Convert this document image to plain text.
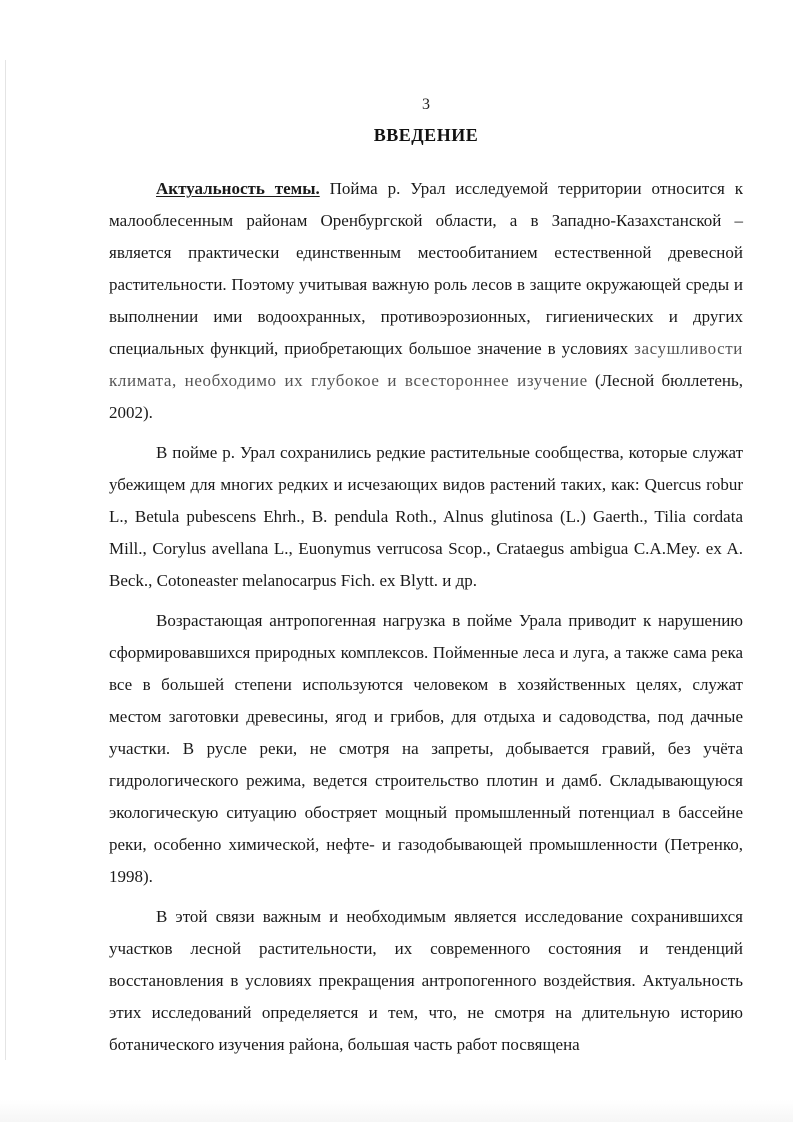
3
ВВЕДЕНИЕ

Актуальность темы. Пойма р. Урал исследуемой территории относится к малооблесенным районам Оренбургской области, а в Западно-Казахстанской – является практически единственным местообитанием естественной древесной растительности. Поэтому учитывая важную роль лесов в защите окружающей среды и выполнении ими водоохранных, противоэрозионных, гигиенических и других специальных функций, приобретающих большое значение в условиях засушливости климата, необходимо их глубокое и всестороннее изучение (Лесной бюллетень, 2002).

В пойме р. Урал сохранились редкие растительные сообщества, которые служат убежищем для многих редких и исчезающих видов растений таких, как: Quercus robur L., Betula pubescens Ehrh., B. pendula Roth., Alnus glutinosa (L.) Gaerth., Tilia cordata Mill., Corylus avellana L., Euonymus verrucosa Scop., Crataegus ambigua C.A.Mey. ex A. Beck., Cotoneaster melanocarpus Fich. ex Blytt. и др.

Возрастающая антропогенная нагрузка в пойме Урала приводит к нарушению сформировавшихся природных комплексов. Пойменные леса и луга, а также сама река все в большей степени используются человеком в хозяйственных целях, служат местом заготовки древесины, ягод и грибов, для отдыха и садоводства, под дачные участки. В русле реки, не смотря на запреты, добывается гравий, без учёта гидрологического режима, ведется строительство плотин и дамб. Складывающуюся экологическую ситуацию обостряет мощный промышленный потенциал в бассейне реки, особенно химической, нефте- и газодобывающей промышленности (Петренко, 1998).

В этой связи важным и необходимым является исследование сохранившихся участков лесной растительности, их современного состояния и тенденций восстановления в условиях прекращения антропогенного воздействия. Актуальность этих исследований определяется и тем, что, не смотря на длительную историю ботанического изучения района, большая часть работ посвящена
